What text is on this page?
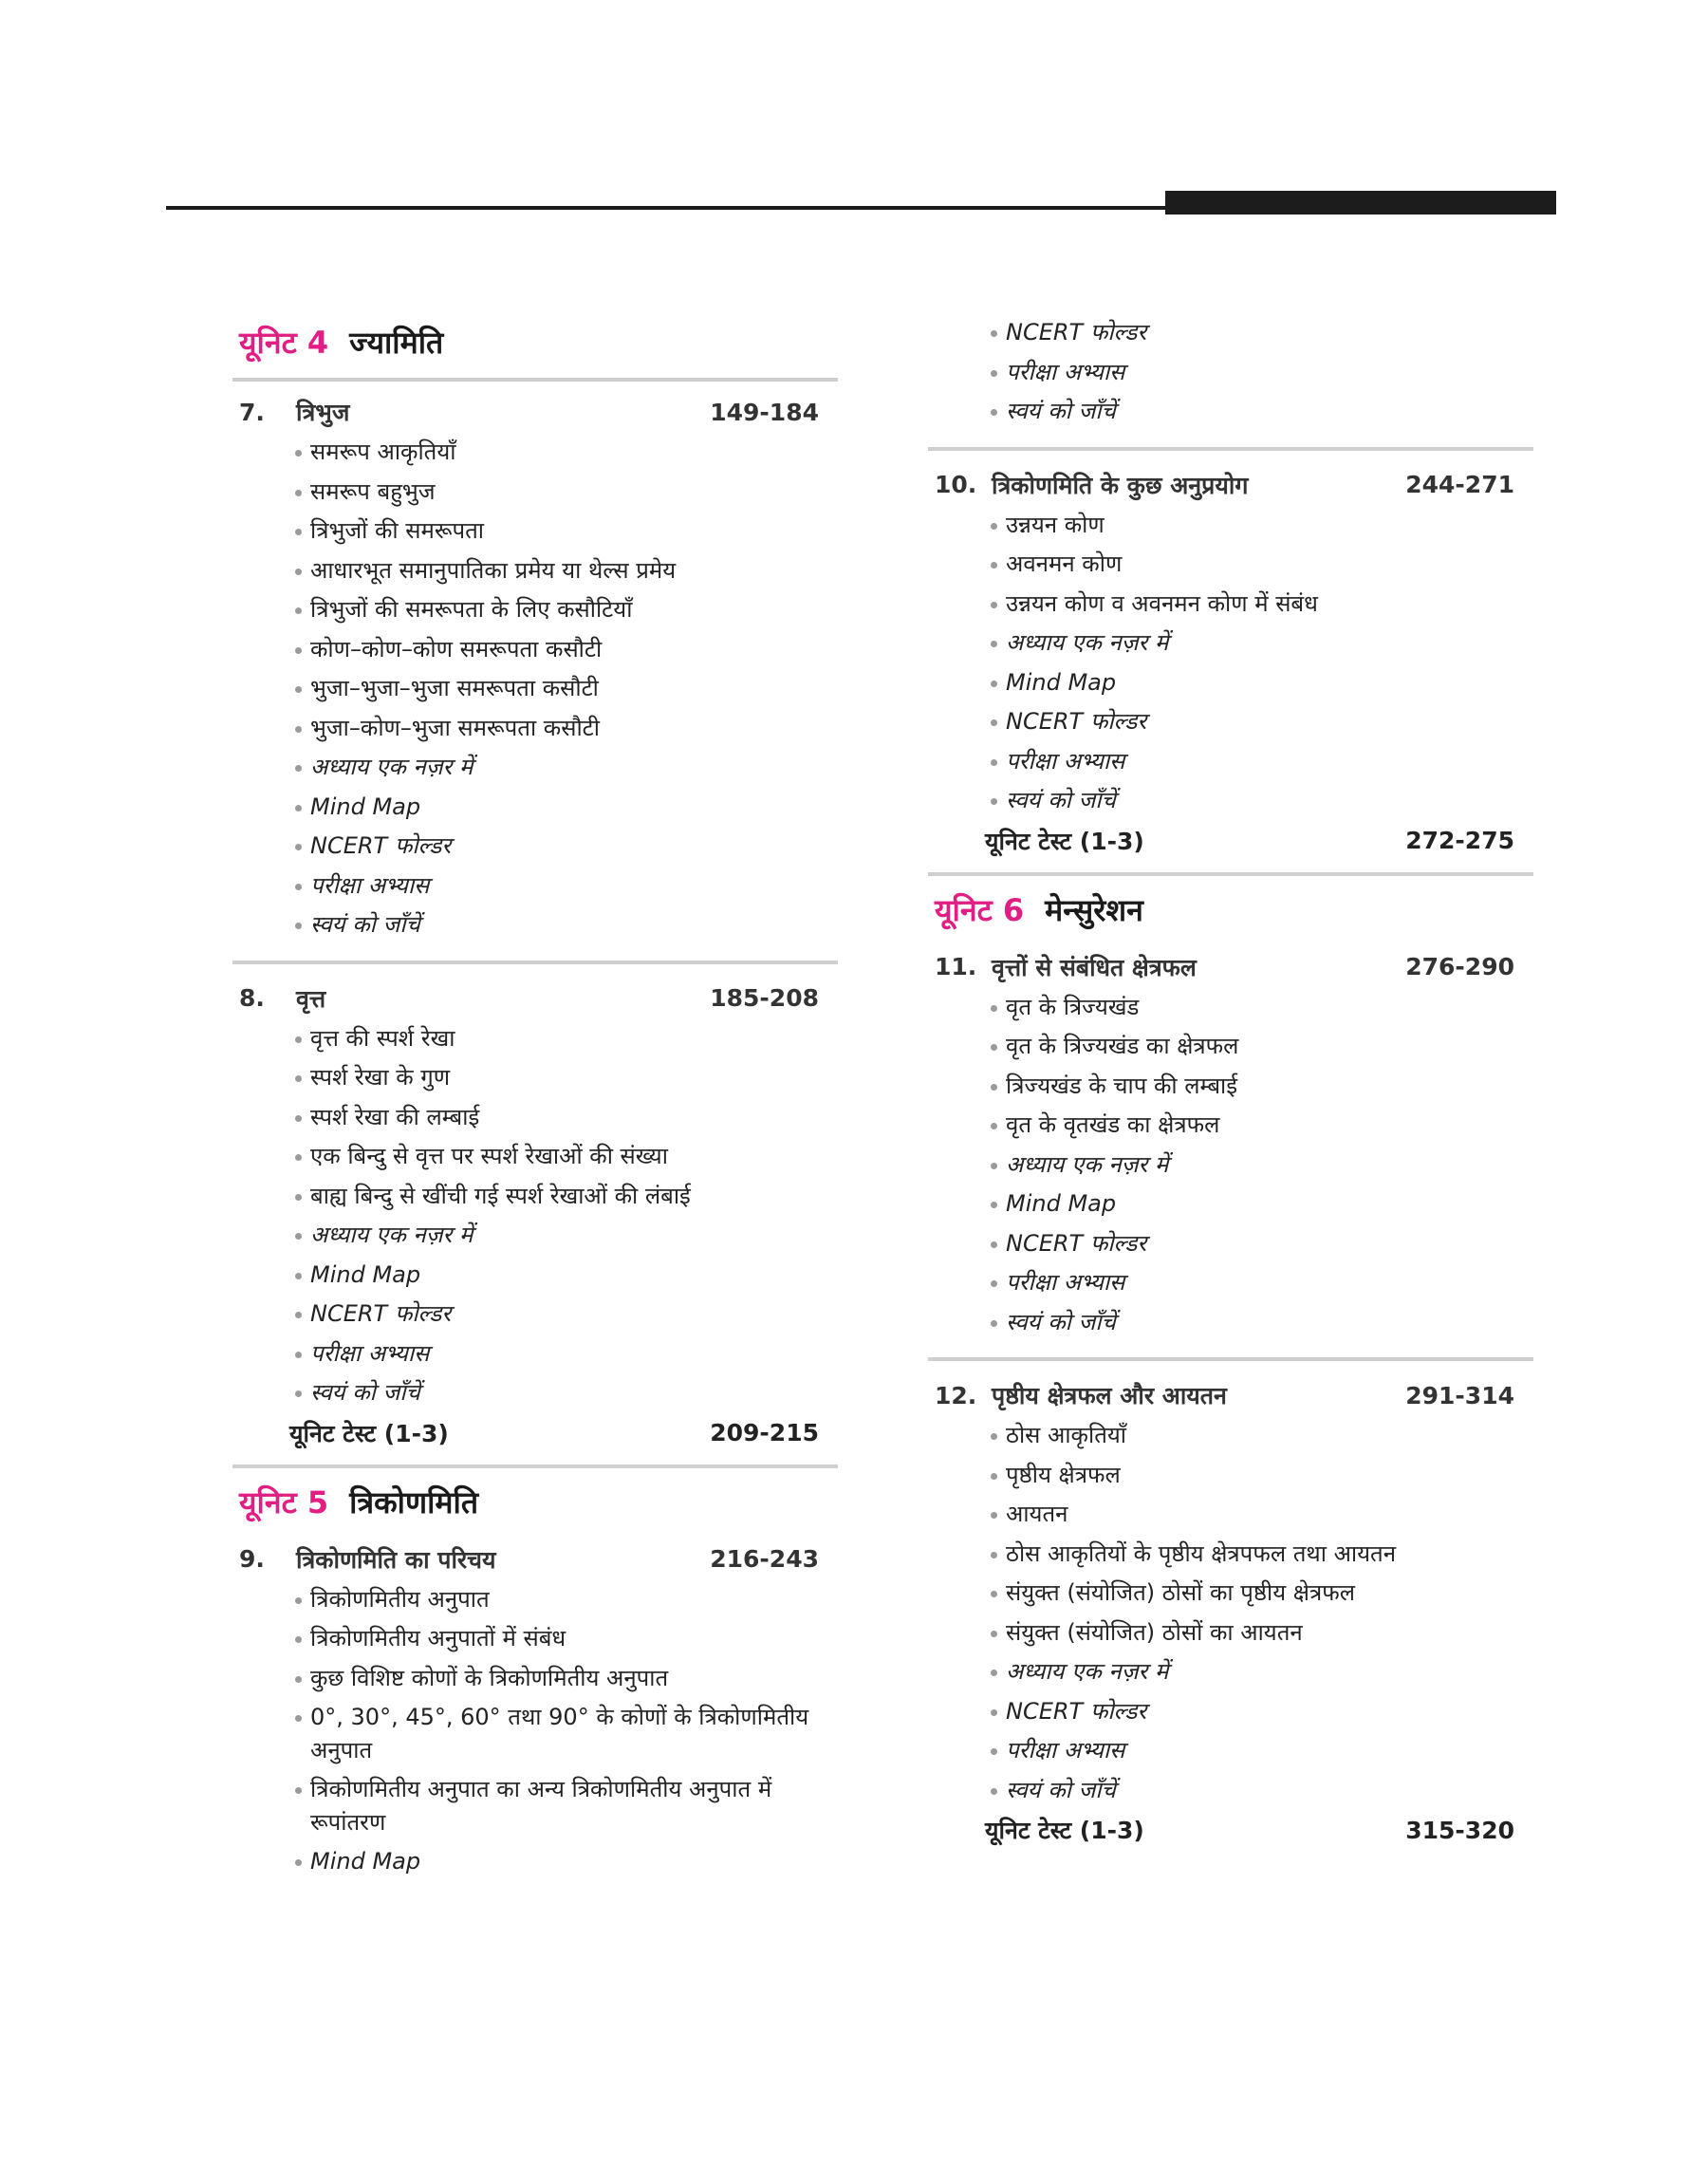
यूनिट 4 ज्यामिति
7.	त्रिभुज	149-184
समरूप आकृतियाँ
समरूप बहुभुज
त्रिभुजों की समरूपता
आधारभूत समानुपातिका प्रमेय या थेल्स प्रमेय
त्रिभुजों की समरूपता के लिए कसौटियाँ
कोण–कोण–कोण समरूपता कसौटी
भुजा–भुजा–भुजा समरूपता कसौटी
भुजा–कोण–भुजा समरूपता कसौटी
अध्याय एक नज़र में
Mind Map
NCERT फोल्डर
परीक्षा अभ्यास
स्वयं को जाँचें
8.	वृत्त	185-208
वृत्त की स्पर्श रेखा
स्पर्श रेखा के गुण
स्पर्श रेखा की लम्बाई
एक बिन्दु से वृत्त पर स्पर्श रेखाओं की संख्या
बाह्य बिन्दु से खींची गई स्पर्श रेखाओं की लंबाई
अध्याय एक नज़र में
Mind Map
NCERT फोल्डर
परीक्षा अभ्यास
स्वयं को जाँचें
यूनिट टेस्ट (1-3)	209-215
यूनिट 5 त्रिकोणमिति
9.	त्रिकोणमिति का परिचय	216-243
त्रिकोणमितीय अनुपात
त्रिकोणमितीय अनुपातों में संबंध
कुछ विशिष्ट कोणों के त्रिकोणमितीय अनुपात
0°, 30°, 45°, 60° तथा 90° के कोणों के त्रिकोणमितीय अनुपात
त्रिकोणमितीय अनुपात का अन्य त्रिकोणमितीय अनुपात में रूपांतरण
Mind Map
NCERT फोल्डर
परीक्षा अभ्यास
स्वयं को जाँचें
10. त्रिकोणमिति के कुछ अनुप्रयोग	244-271
उन्नयन कोण
अवनमन कोण
उन्नयन कोण व अवनमन कोण में संबंध
अध्याय एक नज़र में
Mind Map
NCERT फोल्डर
परीक्षा अभ्यास
स्वयं को जाँचें
यूनिट टेस्ट (1-3)	272-275
यूनिट 6 मेन्सुरेशन
11. वृत्तों से संबंधित क्षेत्रफल	276-290
वृत के त्रिज्यखंड
वृत के त्रिज्यखंड का क्षेत्रफल
त्रिज्यखंड के चाप की लम्बाई
वृत के वृतखंड का क्षेत्रफल
अध्याय एक नज़र में
Mind Map
NCERT फोल्डर
परीक्षा अभ्यास
स्वयं को जाँचें
12. पृष्ठीय क्षेत्रफल और आयतन	291-314
ठोस आकृतियाँ
पृष्ठीय क्षेत्रफल
आयतन
ठोस आकृतियों के पृष्ठीय क्षेत्रपफल तथा आयतन
संयुक्त (संयोजित) ठोसों का पृष्ठीय क्षेत्रफल
संयुक्त (संयोजित) ठोसों का आयतन
अध्याय एक नज़र में
NCERT फोल्डर
परीक्षा अभ्यास
स्वयं को जाँचें
यूनिट टेस्ट (1-3)	315-320
